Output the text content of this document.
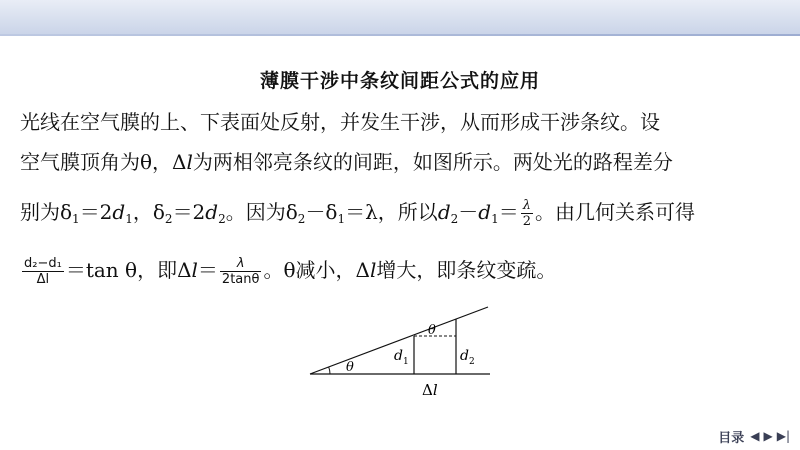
薄膜干涉中条纹间距公式的应用
光线在空气膜的上、下表面处反射，并发生干涉，从而形成干涉条纹。设
空气膜顶角为θ，Δl为两相邻亮条纹的间距，如图所示。两处光的路程差分
别为$\delta_1=2d_1$，$\delta_2=2d_2$。因为$\delta_2-\delta_1=\lambda$，所以$d_2-d_1= \frac{\lambda}{2}$ 。由几何关系可得
$\frac{\text{d₂−d₁}}{\Delta l} =\tan$ θ，即$\Delta l= \frac{\lambda}{2\tan\theta}$ 。θ减小，Δl增大，即条纹变疏。
θ
θ
$d_1$	$d_2$
Δl
目录 ◀ ▶ ▶|
